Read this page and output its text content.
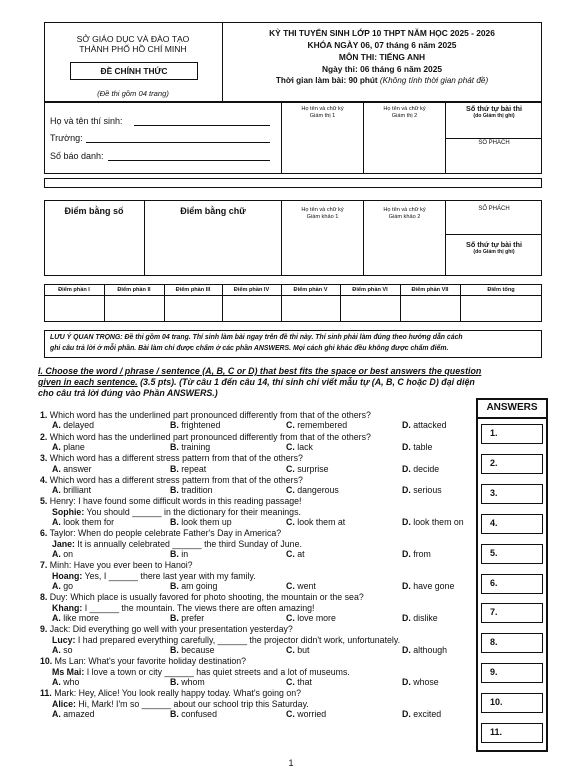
SỞ GIÁO DỤC VÀ ĐÀO TẠO
THÀNH PHỐ HỒ CHÍ MINH
ĐỀ CHÍNH THỨC
(Đề thi gồm 04 trang)
KỲ THI TUYỂN SINH LỚP 10 THPT NĂM HỌC 2025 - 2026
KHÓA NGÀY 06, 07 tháng 6 năm 2025
MÔN THI: TIẾNG ANH
Ngày thi: 06 tháng 6 năm 2025
Thời gian làm bài: 90 phút (Không tính thời gian phát đề)
Họ và tên thí sinh:
Trường:
Số báo danh:
Họ tên và chữ ký
Giám thị 1
Họ tên và chữ ký
Giám thị 2
Số thứ tự bài thi
(do Giám thị ghi)
SỐ PHÁCH
Điểm bằng số	Điểm bằng chữ	Họ tên và chữ ký
Giám khảo 1
Họ tên và chữ ký
Giám khảo 2
SỐ PHÁCH
Số thứ tự bài thi
(do Giám thị ghi)
Điểm phần I	Điểm phần II	Điểm phần III	Điểm phần IV	Điểm phần V	Điểm phần VI	Điểm phần VII	Điểm tổng
LƯU Ý QUAN TRỌNG: Đề thi gồm 04 trang. Thí sinh làm bài ngay trên đề thi này. Thí sinh phải làm đúng theo hướng dẫn cách
ghi câu trả lời ở mỗi phần. Bài làm chỉ được chấm ở các phần ANSWERS. Mọi cách ghi khác đều không được chấm điểm.
I. Choose the word / phrase / sentence (A, B, C or D) that best fits the space or best answers the question
given in each sentence. (3.5 pts). (Từ câu 1 đến câu 14, thí sinh chỉ viết mẫu tự (A, B, C hoặc D) đại diện
cho câu trả lời đúng vào Phần ANSWERS.)
ANSWERS
1.
2.
3.
4.
5.
6.
7.
8.
9.
10.
11.
1. Which word has the underlined part pronounced differently from that of the others?
A. delayed	B. frightened	C. remembered	D. attacked
2. Which word has the underlined part pronounced differently from that of the others?
A. plane	B. training	C. lack	D. table
3. Which word has a different stress pattern from that of the others?
A. answer	B. repeat	C. surprise	D. decide
4. Which word has a different stress pattern from that of the others?
A. brilliant	B. tradition	C. dangerous	D. serious
5. Henry: I have found some difficult words in this reading passage!
Sophie: You should ______ in the dictionary for their meanings.
A. look them for	B. look them up	C. look them at	D. look them on
6. Taylor: When do people celebrate Father's Day in America?
Jane: It is annually celebrated ______ the third Sunday of June.
A. on	B. in	C. at	D. from
7. Minh: Have you ever been to Hanoi?
Hoang: Yes, I ______ there last year with my family.
A. go	B. am going	C. went	D. have gone
8. Duy: Which place is usually favored for photo shooting, the mountain or the sea?
Khang: I ______ the mountain. The views there are often amazing!
A. like more	B. prefer	C. love more	D. dislike
9. Jack: Did everything go well with your presentation yesterday?
Lucy: I had prepared everything carefully, ______ the projector didn't work, unfortunately.
A. so	B. because	C. but	D. although
10. Ms Lan: What's your favorite holiday destination?
Ms Mai: I love a town or city ______ has quiet streets and a lot of museums.
A. who	B. whom	C. that	D. whose
11. Mark: Hey, Alice! You look really happy today. What's going on?
Alice: Hi, Mark! I'm so ______ about our school trip this Saturday.
A. amazed	B. confused	C. worried	D. excited
1
